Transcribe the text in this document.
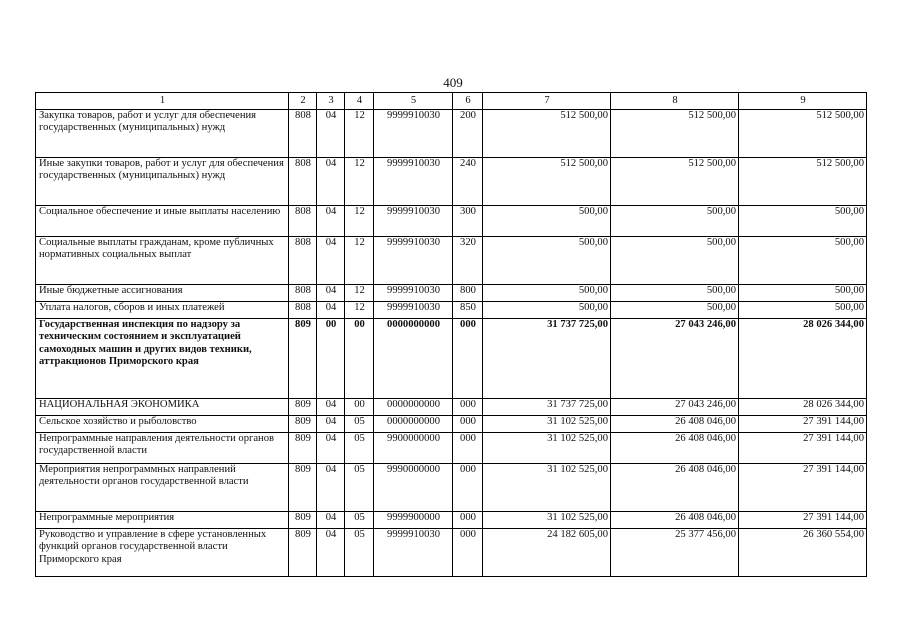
409
1	2	3	4	5	6	7	8	9
Закупка товаров, работ и услуг для обеспечения государственных (муниципальных) нужд	808	04	12	9999910030	200	512 500,00	512 500,00	512 500,00
Иные закупки товаров, работ и услуг для обеспечения государственных (муниципальных) нужд	808	04	12	9999910030	240	512 500,00	512 500,00	512 500,00
Социальное обеспечение и иные выплаты населению	808	04	12	9999910030	300	500,00	500,00	500,00
Социальные выплаты гражданам, кроме публичных нормативных социальных выплат	808	04	12	9999910030	320	500,00	500,00	500,00
Иные бюджетные ассигнования	808	04	12	9999910030	800	500,00	500,00	500,00
Уплата налогов, сборов и иных платежей	808	04	12	9999910030	850	500,00	500,00	500,00
Государственная инспекция по надзору за техническим состоянием и эксплуатацией самоходных машин и других видов техники, аттракционов Приморского края	809	00	00	0000000000	000	31 737 725,00	27 043 246,00	28 026 344,00
НАЦИОНАЛЬНАЯ ЭКОНОМИКА	809	04	00	0000000000	000	31 737 725,00	27 043 246,00	28 026 344,00
Сельское хозяйство и рыболовство	809	04	05	0000000000	000	31 102 525,00	26 408 046,00	27 391 144,00
Непрограммные направления деятельности органов государственной власти	809	04	05	9900000000	000	31 102 525,00	26 408 046,00	27 391 144,00
Мероприятия непрограммных направлений деятельности органов государственной власти	809	04	05	9990000000	000	31 102 525,00	26 408 046,00	27 391 144,00
Непрограммные мероприятия	809	04	05	9999900000	000	31 102 525,00	26 408 046,00	27 391 144,00
Руководство и управление в сфере установленных функций органов государственной власти Приморского края	809	04	05	9999910030	000	24 182 605,00	25 377 456,00	26 360 554,00
